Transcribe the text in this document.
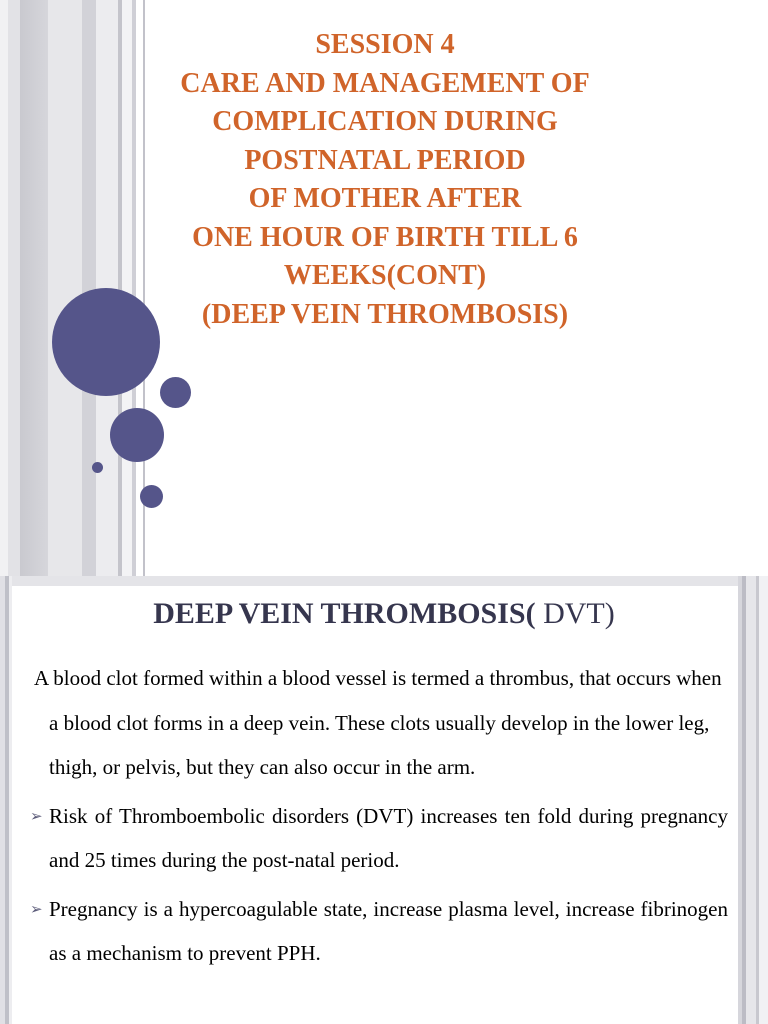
SESSION 4
CARE AND MANAGEMENT OF
COMPLICATION DURING
POSTNATAL PERIOD
OF MOTHER AFTER
ONE HOUR OF BIRTH TILL 6
WEEKS(CONT)
(DEEP VEIN THROMBOSIS)
DEEP VEIN THROMBOSIS( DVT)
A blood clot formed within a blood vessel is termed a thrombus, that occurs when a blood clot forms in a deep vein. These clots usually develop in the lower leg, thigh, or pelvis, but they can also occur in the arm.
➢ Risk of Thromboembolic disorders (DVT) increases ten fold during pregnancy and 25 times during the post-natal period.
➢ Pregnancy is a hypercoagulable state, increase plasma level, increase fibrinogen as a mechanism to prevent PPH.
